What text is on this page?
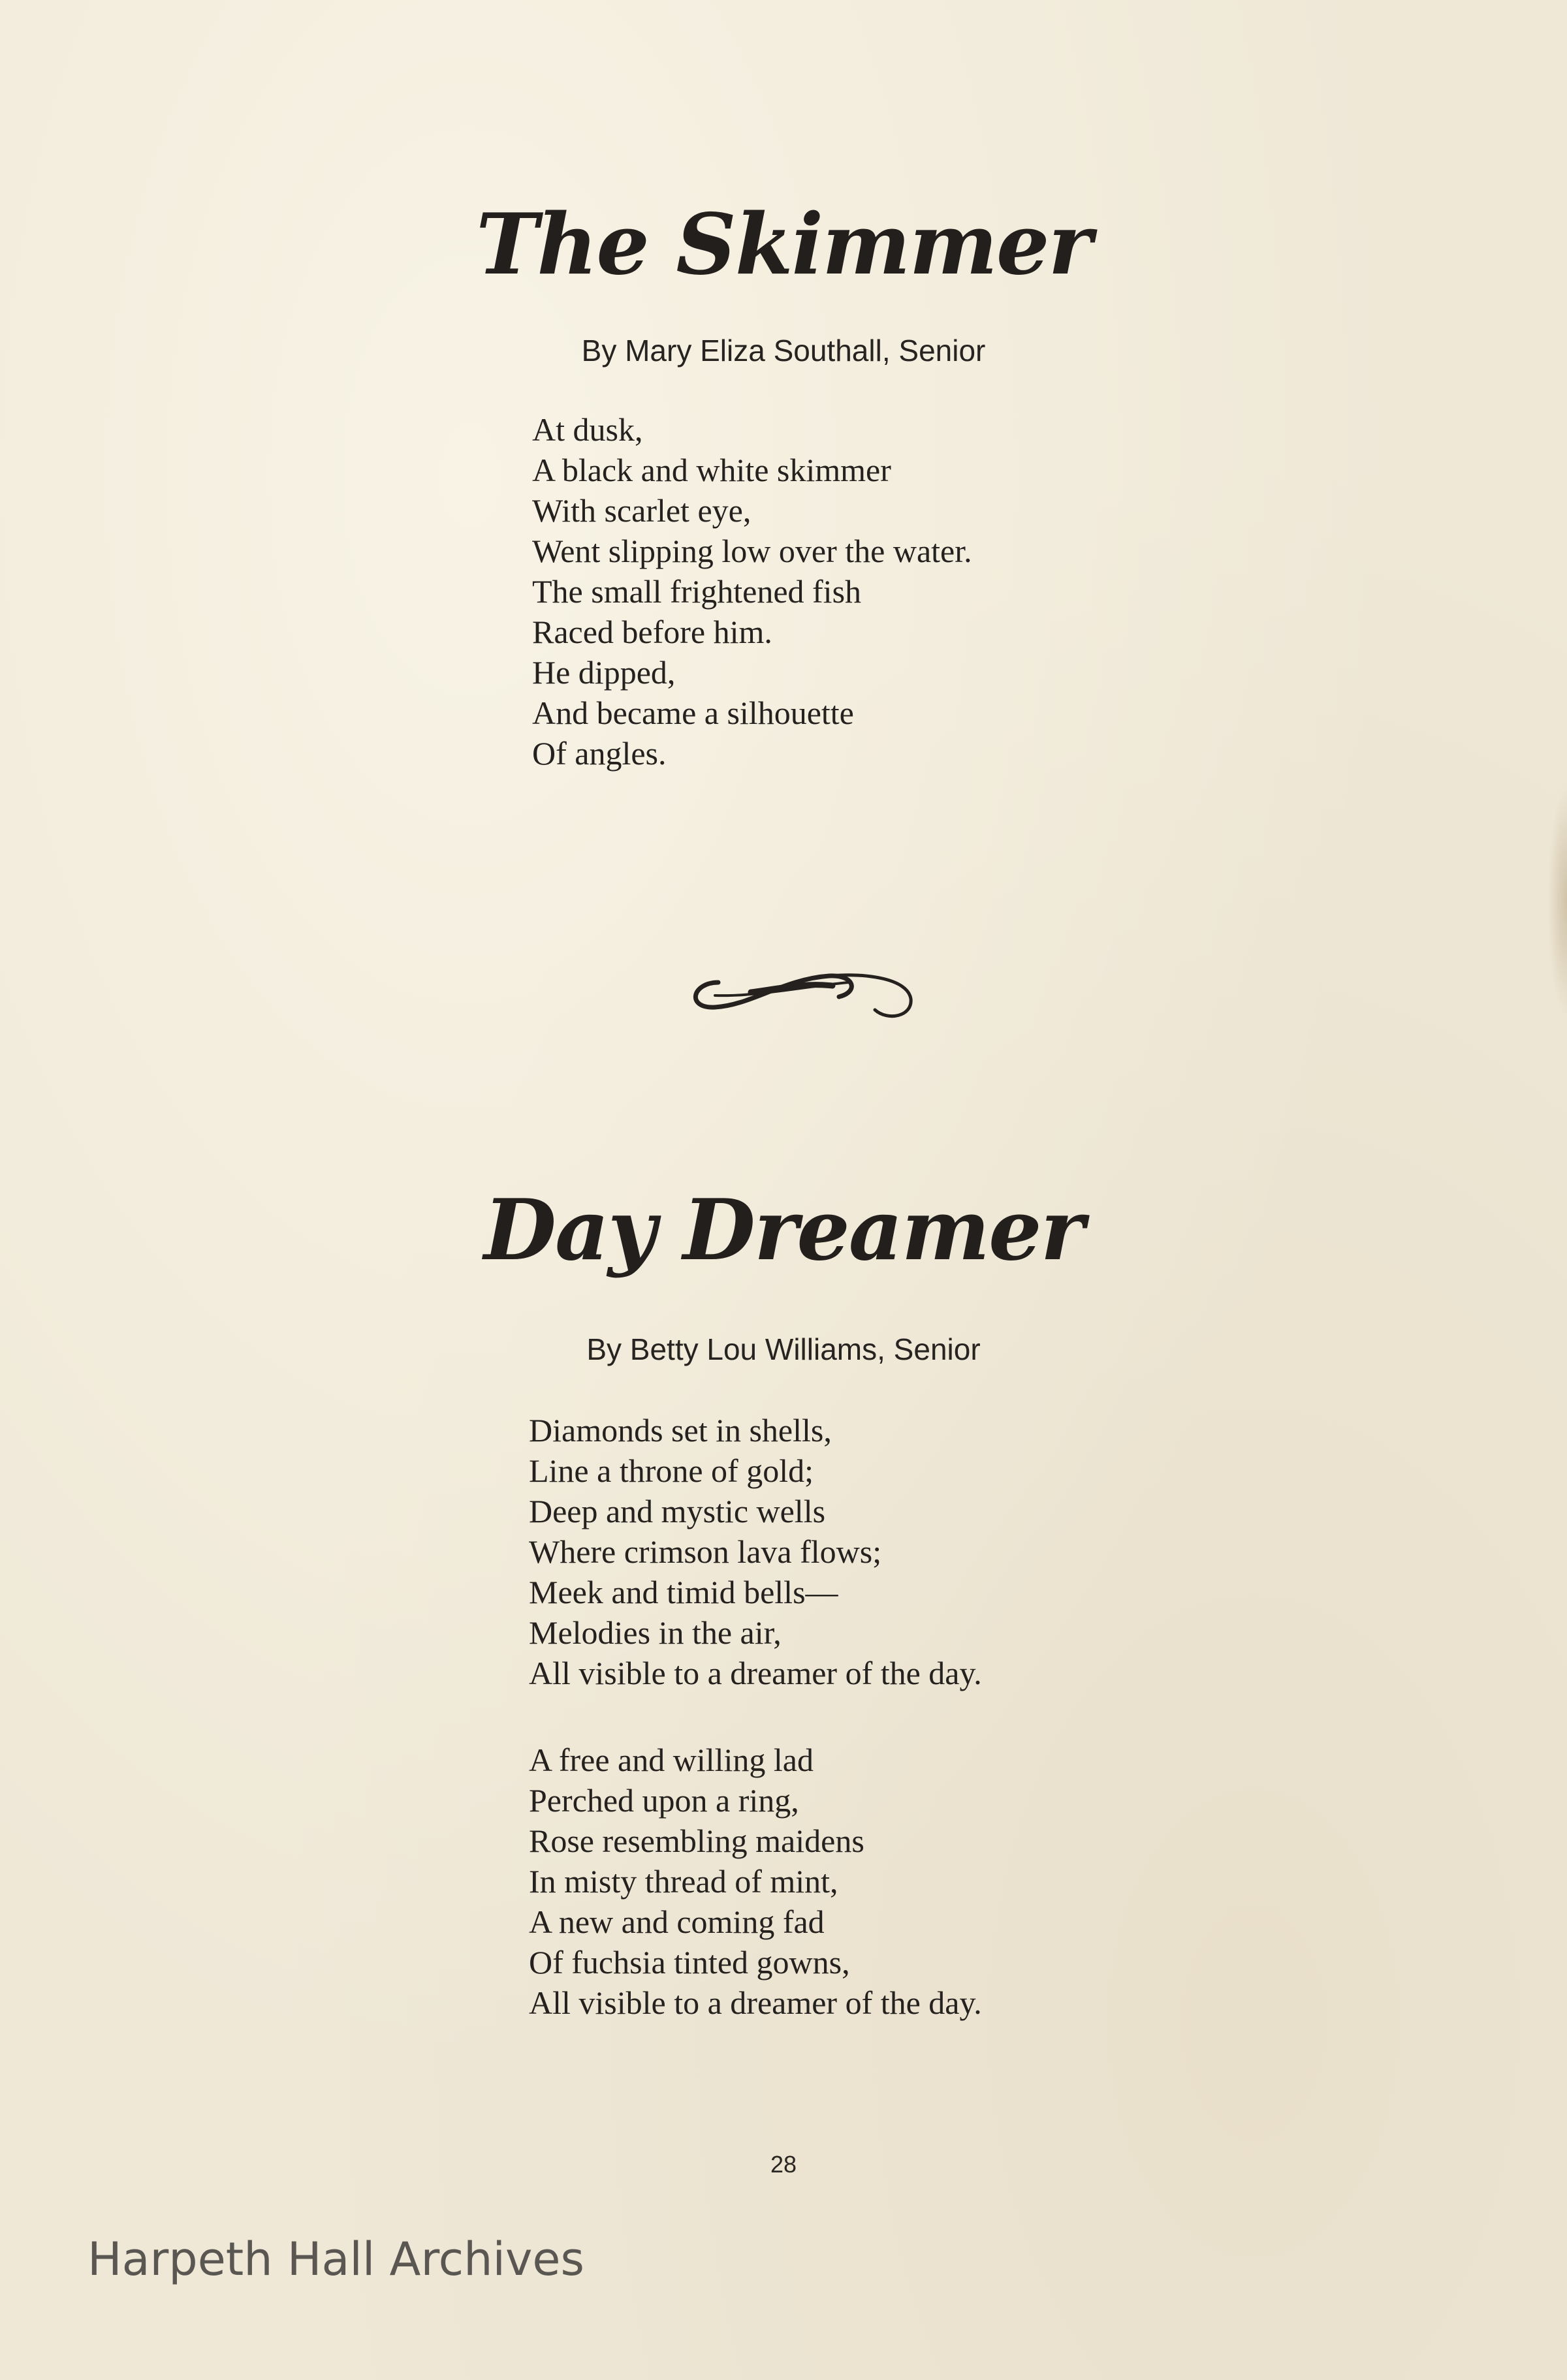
The Skimmer
By Mary Eliza Southall, Senior
At dusk,
A black and white skimmer
With scarlet eye,
Went slipping low over the water.
The small frightened fish
Raced before him.
He dipped,
And became a silhouette
Of angles.
Day Dreamer
By Betty Lou Williams, Senior
Diamonds set in shells,
Line a throne of gold;
Deep and mystic wells
Where crimson lava flows;
Meek and timid bells—
Melodies in the air,
All visible to a dreamer of the day.
A free and willing lad
Perched upon a ring,
Rose resembling maidens
In misty thread of mint,
A new and coming fad
Of fuchsia tinted gowns,
All visible to a dreamer of the day.
28
Harpeth Hall Archives
